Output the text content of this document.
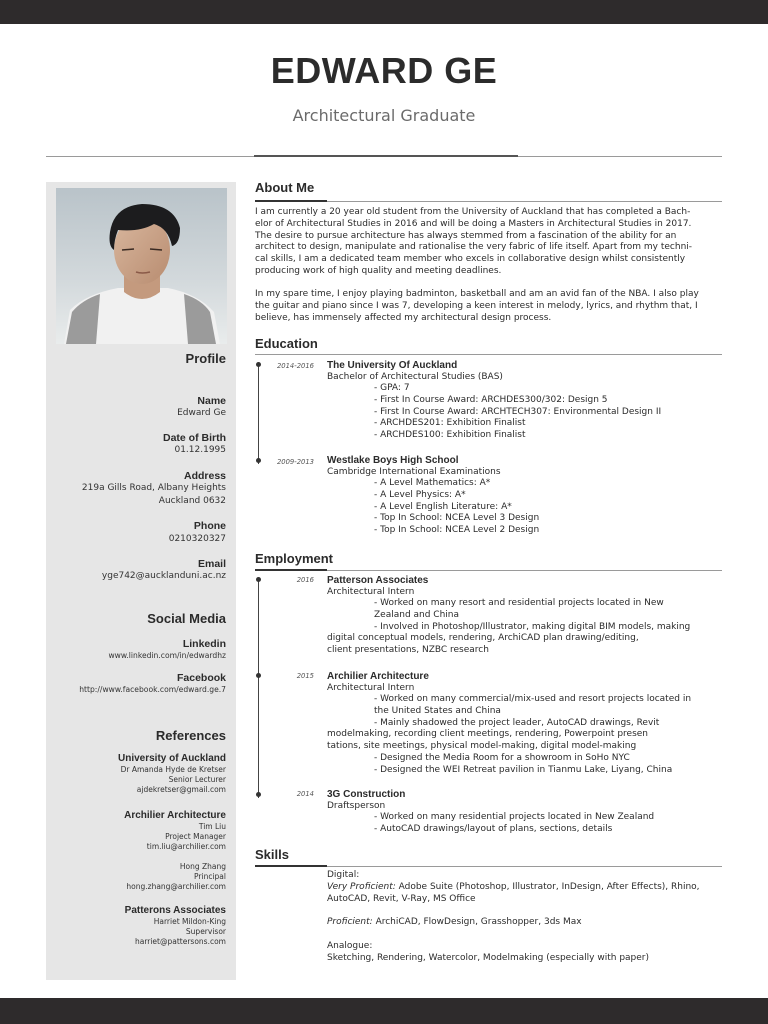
EDWARD GE
Architectural Graduate
Profile
Name
Edward Ge
Date of Birth
01.12.1995
Address
219a Gills Road, Albany Heights
Auckland 0632
Phone
0210320327
Email
yge742@aucklanduni.ac.nz
Social Media
Linkedin
www.linkedin.com/in/edwardhz
Facebook
http://www.facebook.com/edward.ge.7
References
University of Auckland
Dr Amanda Hyde de Kretser
Senior Lecturer
ajdekretser@gmail.com
Archilier Architecture
Tim Liu
Project Manager
tim.liu@archilier.com
Hong Zhang
Principal
hong.zhang@archilier.com
Patterons Associates
Harriet Mildon-King
Supervisor
harriet@pattersons.com
About Me
I am currently a 20 year old student from the University of Auckland that has completed a Bach-
elor of Architectural Studies in 2016 and will be doing a Masters in Architectural Studies in 2017.
The desire to pursue architecture has always stemmed from a fascination of the ability for an
architect to design, manipulate and rationalise the very fabric of life itself. Apart from my techni-
cal skills, I am a dedicated team member who excels in collaborative design whilst consistently
producing work of high quality and meeting deadlines.
In my spare time, I enjoy playing badminton, basketball and am an avid fan of the NBA. I also play
the guitar and piano since I was 7, developing a keen interest in melody, lyrics, and rhythm that, I
believe, has immensely affected my architectural design process.
Education
2014-2016 The University Of Auckland
Bachelor of Architectural Studies (BAS)
- GPA: 7
- First In Course Award: ARCHDES300/302: Design 5
- First In Course Award: ARCHTECH307: Environmental Design II
- ARCHDES201: Exhibition Finalist
- ARCHDES100: Exhibition Finalist
2009-2013 Westlake Boys High School
Cambridge International Examinations
- A Level Mathematics: A*
- A Level Physics: A*
- A Level English Literature: A*
- Top In School: NCEA Level 3 Design
- Top In School: NCEA Level 2 Design
Employment
2016 Patterson Associates
Architectural Intern
- Worked on many resort and residential projects located in New
Zealand and China
- Involved in Photoshop/Illustrator, making digital BIM models, making
digital conceptual models, rendering, ArchiCAD plan drawing/editing,
client presentations, NZBC research
2015 Archilier Architecture
Architectural Intern
- Worked on many commercial/mix-used and resort projects located in
the United States and China
- Mainly shadowed the project leader, AutoCAD drawings, Revit
modelmaking, recording client meetings, rendering, Powerpoint presen
tations, site meetings, physical model-making, digital model-making
- Designed the Media Room for a showroom in SoHo NYC
- Designed the WEI Retreat pavilion in Tianmu Lake, Liyang, China
2014 3G Construction
Draftsperson
- Worked on many residential projects located in New Zealand
- AutoCAD drawings/layout of plans, sections, details
Skills
Digital:
Very Proficient: Adobe Suite (Photoshop, Illustrator, InDesign, After Effects), Rhino,
AutoCAD, Revit, V-Ray, MS Office
Proficient: ArchiCAD, FlowDesign, Grasshopper, 3ds Max
Analogue:
Sketching, Rendering, Watercolor, Modelmaking (especially with paper)
